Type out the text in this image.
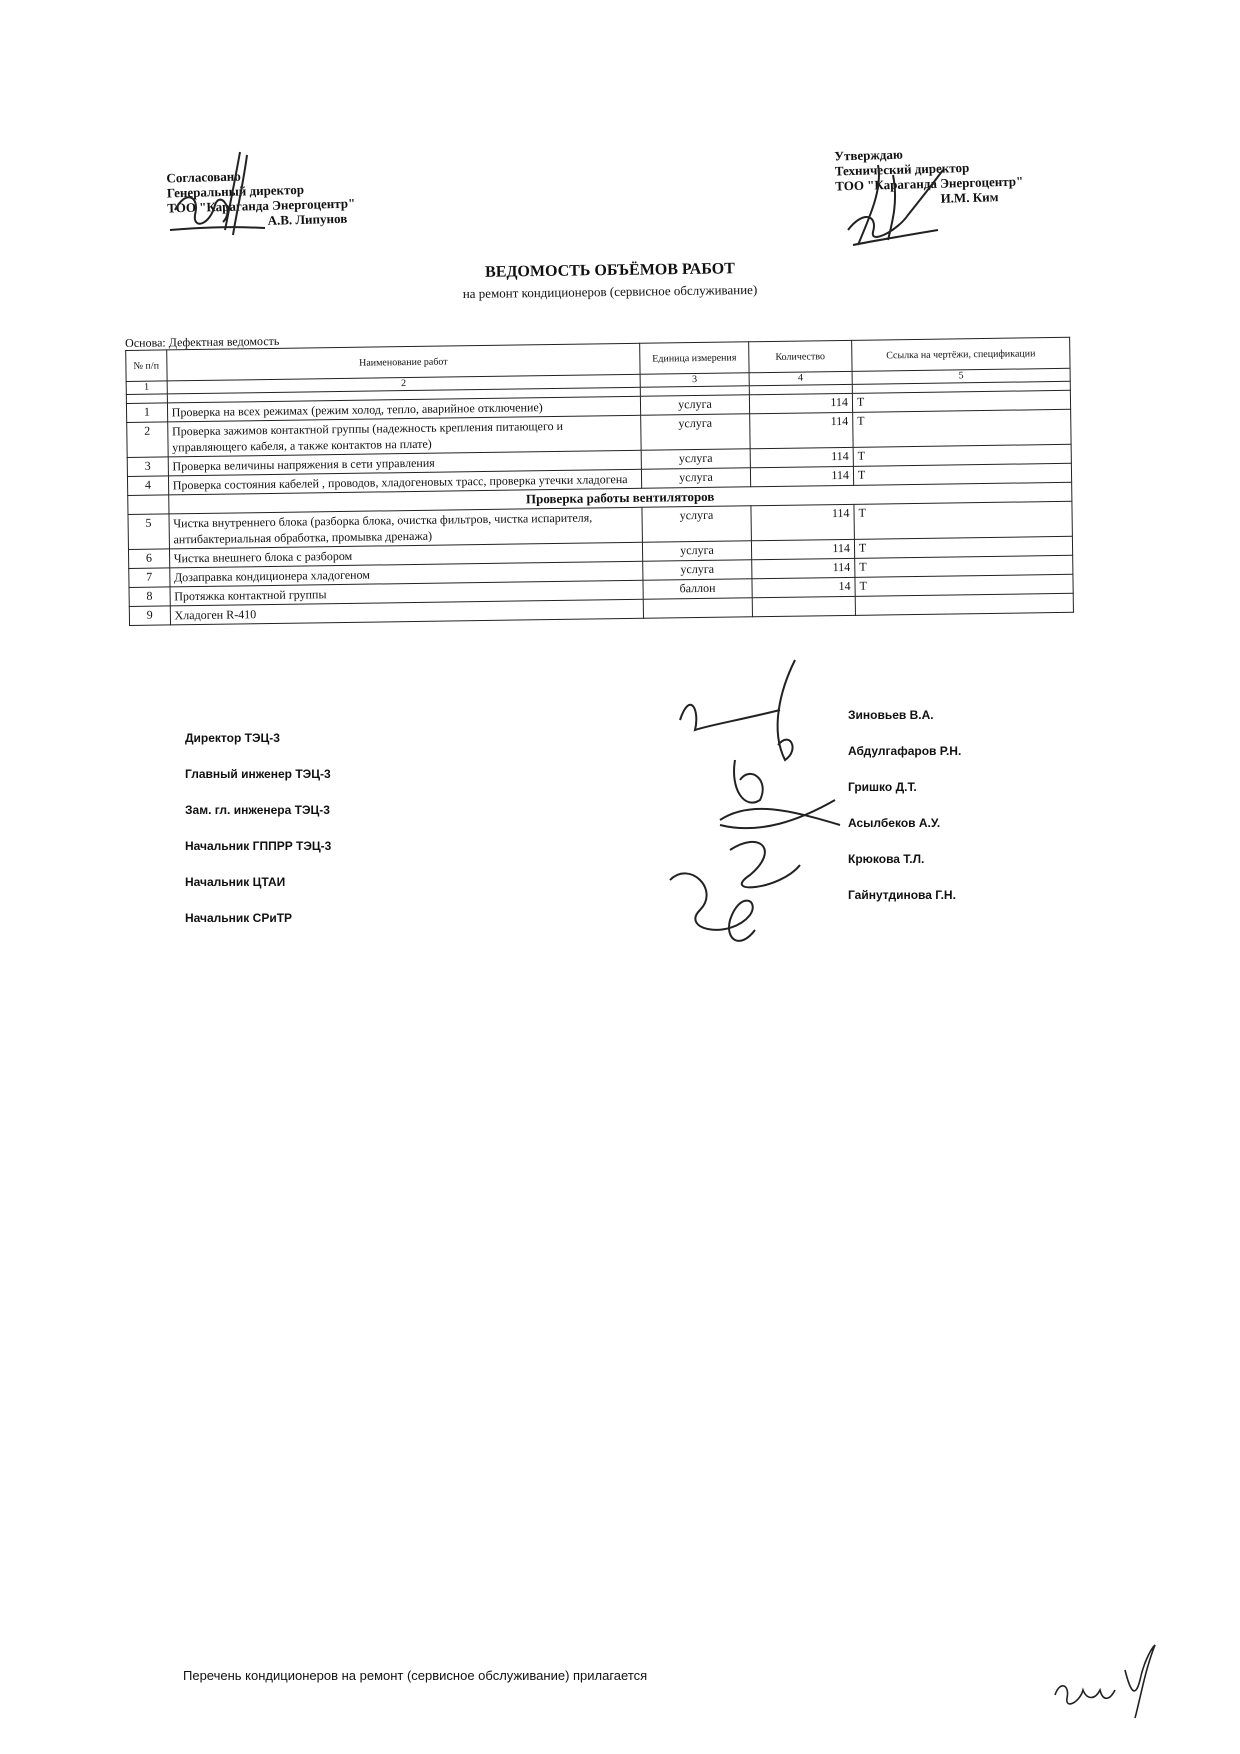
Согласовано
Генеральный директор
ТОО "Караганда Энергоцентр"
А.В. Липунов
Утверждаю
Технический директор
ТОО "Караганда Энергоцентр"
И.М. Ким
ВЕДОМОСТЬ ОБЪЁМОВ РАБОТ
на ремонт кондиционеров (сервисное обслуживание)
Основа: Дефектная ведомость
№ п/п	Наименование работ	Единица измерения	Количество	Ссылка на чертёжи, спецификации
1	2	3	4	5

1	Проверка на всех режимах (режим холод, тепло, аварийное отключение)	услуга	114	Т
2	Проверка зажимов контактной группы (надежность крепления питающего и управляющего кабеля, а также контактов на плате)	услуга	114	Т
3	Проверка величины напряжения в сети управления	услуга	114	Т
4	Проверка состояния кабелей , проводов, хладогеновых трасс, проверка утечки хладогена	услуга	114	Т
	Проверка работы вентиляторов			
5	Чистка внутреннего блока (разборка блока, очистка фильтров, чистка испарителя, антибактериальная обработка, промывка дренажа)	услуга	114	Т
6	Чистка внешнего блока с разбором	услуга	114	Т
7	Дозаправка кондиционера хладогеном	услуга	114	Т
8	Протяжка контактной группы	баллон	14	Т
9	Хладоген R-410			
Директор ТЭЦ-3
Главный инженер ТЭЦ-3
Зам. гл. инженера ТЭЦ-3
Начальник ГППРР ТЭЦ-3
Начальник ЦТАИ
Начальник СРиТР
Зиновьев В.А.
Абдулгафаров Р.Н.
Гришко Д.Т.
Асылбеков А.У.
Крюкова Т.Л.
Гайнутдинова Г.Н.
Перечень кондиционеров на ремонт (сервисное обслуживание) прилагается
